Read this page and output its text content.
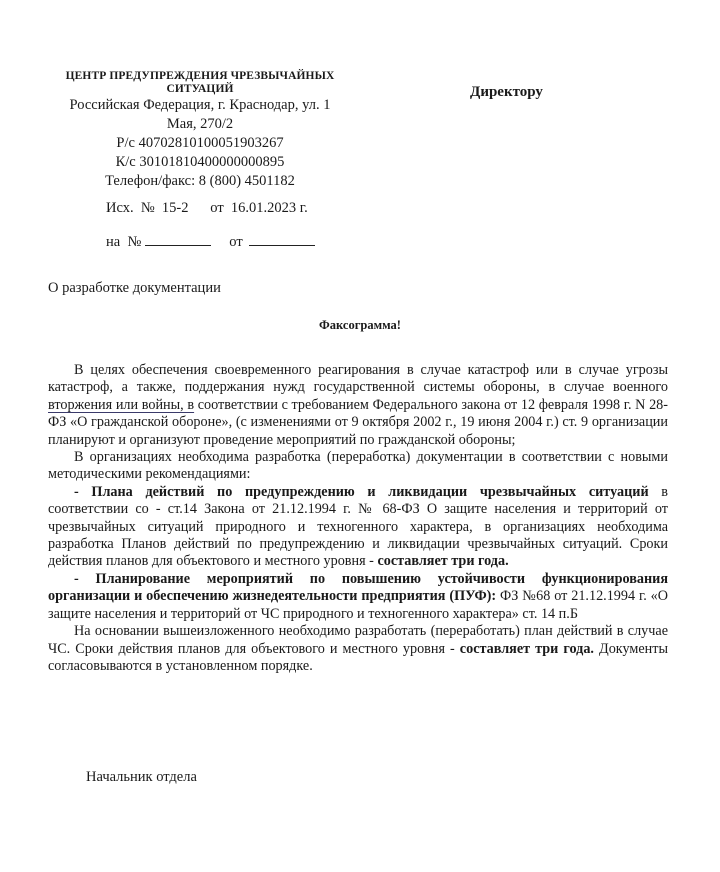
ЦЕНТР ПРЕДУПРЕЖДЕНИЯ ЧРЕЗВЫЧАЙНЫХ
СИТУАЦИЙ
Российская Федерация, г. Краснодар, ул. 1
Мая, 270/2
Р/с 40702810100051903267
К/с 30101810400000000895
Телефон/факс: 8 (800) 4501182
Директору
Исх.  №  15-2 от  16.01.2023 г.
на  №	от
О разработке документации
Факсограмма!

В целях обеспечения своевременного реагирования в случае катастроф или в случае угрозы катастроф, а также, поддержания нужд государственной системы обороны, в случае военного вторжения или войны, в соответствии с требованием Федерального закона от 12 февраля 1998 г. N 28-ФЗ «О гражданской обороне», (с изменениями от 9 октября 2002 г., 19 июня 2004 г.) ст. 9 организации планируют и организуют проведение мероприятий по гражданской обороны;

В организациях необходима разработка (переработка) документации в соответствии с новыми методическими рекомендациями:

- Плана действий по предупреждению и ликвидации чрезвычайных ситуаций в соответствии со - ст.14 Закона от 21.12.1994 г. № 68-ФЗ О защите населения и территорий от чрезвычайных ситуаций природного и техногенного характера, в организациях необходима разработка Планов действий по предупреждению и ликвидации чрезвычайных ситуаций. Сроки действия планов для объектового и местного уровня - составляет три года.

- Планирование мероприятий по повышению устойчивости функционирования организации и обеспечению жизнедеятельности предприятия (ПУФ): ФЗ №68 от 21.12.1994 г. «О защите населения и территорий от ЧС природного и техногенного характера» ст. 14 п.Б

На основании вышеизложенного необходимо разработать (переработать) план действий в случае ЧС. Сроки действия планов для объектового и местного уровня - составляет три года. Документы согласовываются в установленном порядке.

Начальник отдела
